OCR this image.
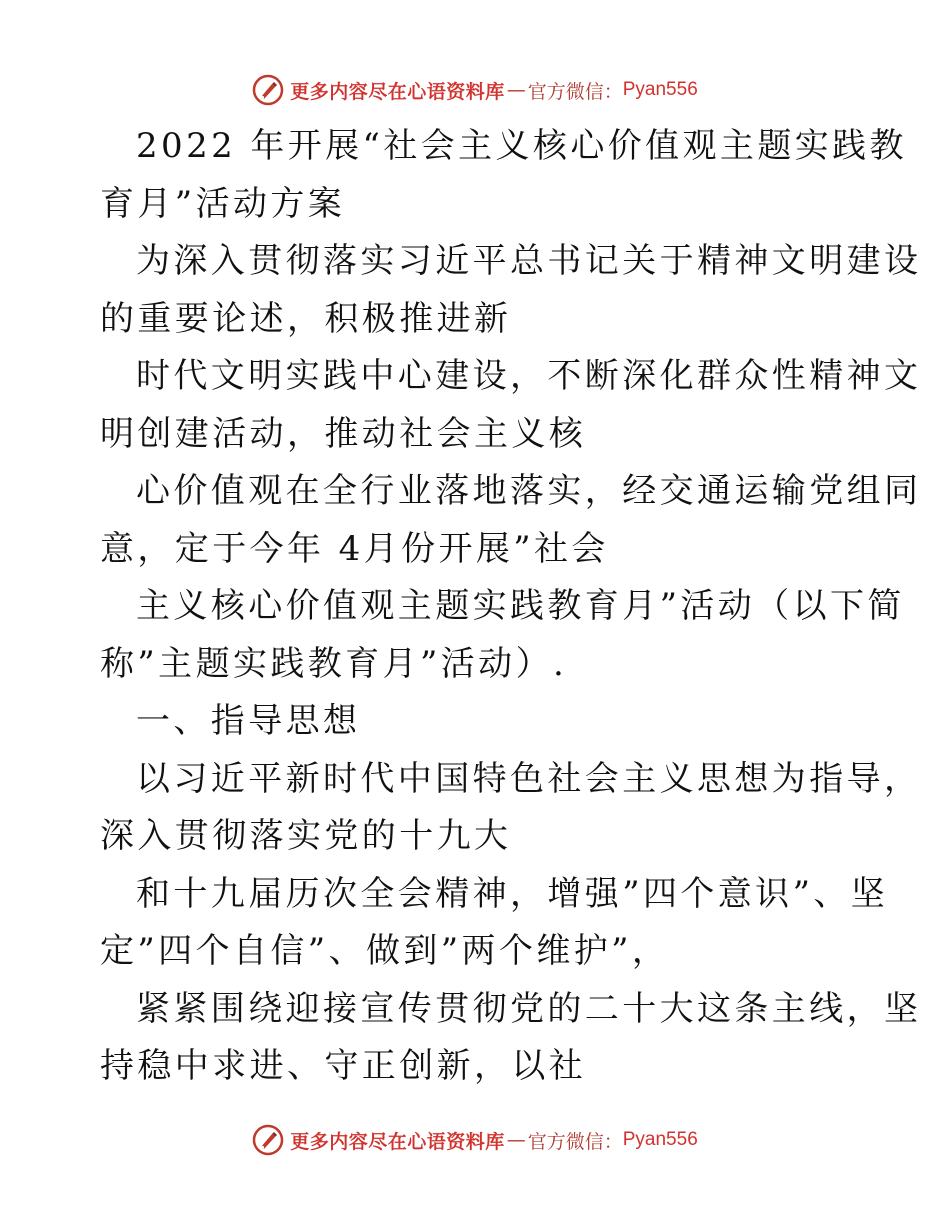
更多内容尽在心语资料库 — 官方微信： Pyan556
2022 年开展“社会主义核心价值观主题实践教
育月”活动方案
为深入贯彻落实习近平总书记关于精神文明建设
的重要论述，积极推进新
时代文明实践中心建设，不断深化群众性精神文
明创建活动，推动社会主义核
心价值观在全行业落地落实，经交通运输党组同
意，定于今年 4月份开展”社会
主义核心价值观主题实践教育月”活动（以下简
称”主题实践教育月”活动）.
一、指导思想
以习近平新时代中国特色社会主义思想为指导，
深入贯彻落实党的十九大
和十九届历次全会精神，增强”四个意识”、坚
定”四个自信”、做到”两个维护”，
紧紧围绕迎接宣传贯彻党的二十大这条主线，坚
持稳中求进、守正创新，以社
更多内容尽在心语资料库 — 官方微信： Pyan556
